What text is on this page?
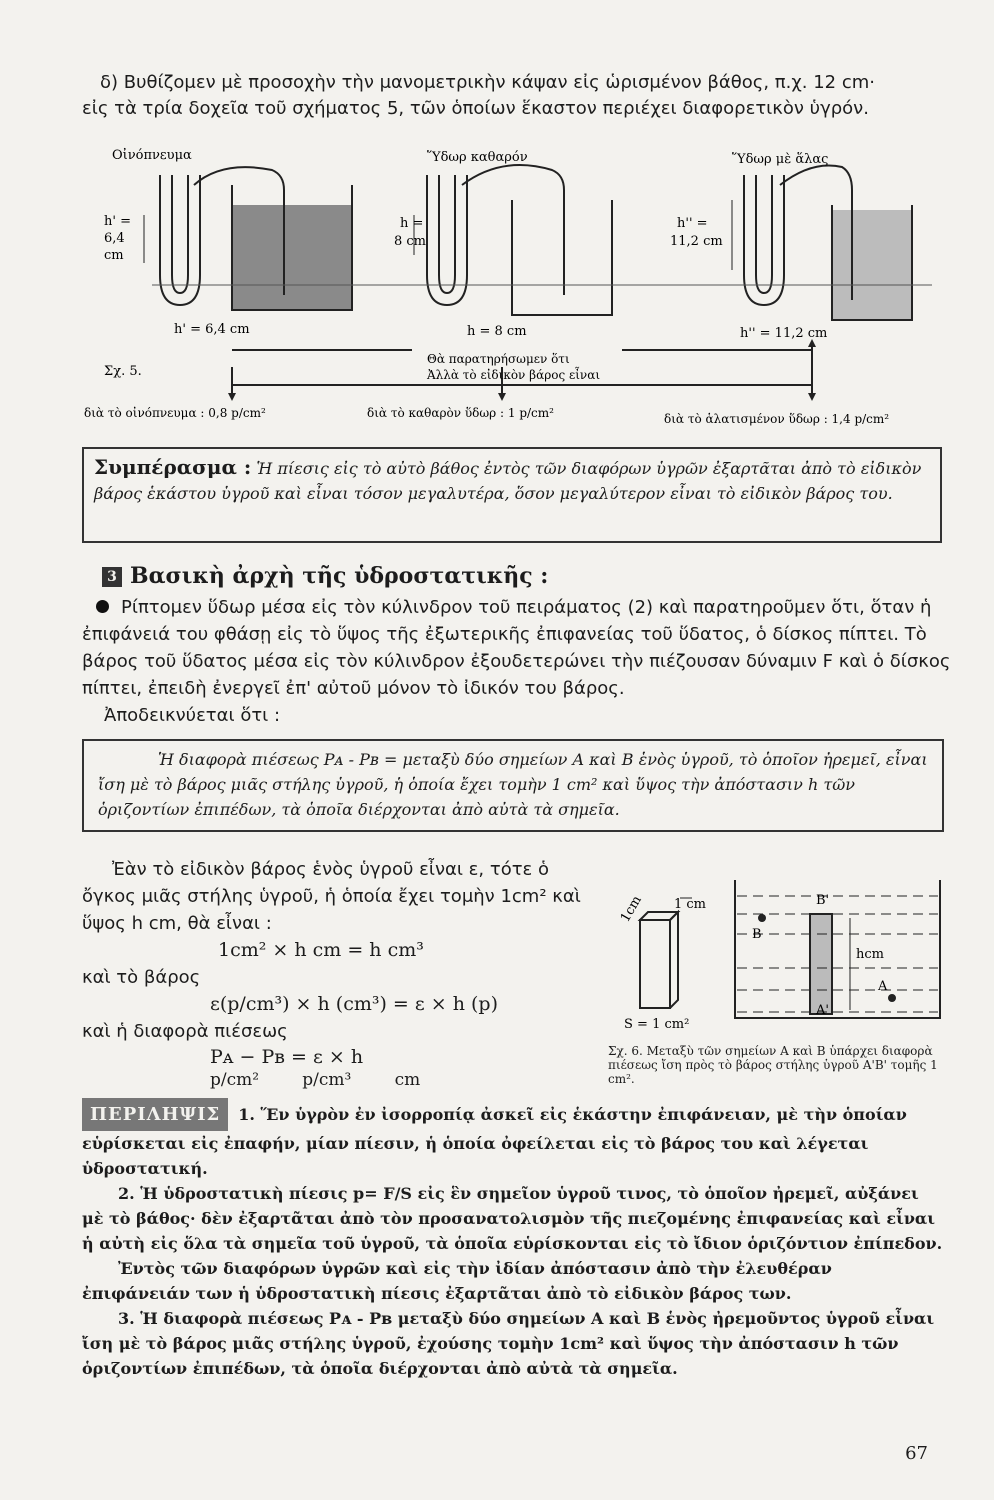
δ) Βυθίζομεν μὲ προσοχὴν τὴν μανομετρικὴν κάψαν εἰς ὡρισμένον βάθος, π.χ. 12 cm·

εἰς τὰ τρία δοχεῖα τοῦ σχήματος 5, τῶν ὁποίων ἕκαστον περιέχει διαφορετικὸν ὑγρόν.

Οἰνόπνευμα	Ὕδωρ καθαρόν	Ὕδωρ μὲ ἅλας
h' =
6,4
cm
h =
8 cm
h'' =
11,2 cm
h' = 6,4 cm	h = 8 cm	h'' = 11,2 cm
Σχ. 5.
Θὰ παρατηρήσωμεν ὅτι
Ἀλλὰ τὸ εἰδικὸν βάρος εἶναι
διὰ τὸ οἰνόπνευμα : 0,8 p/cm²	διὰ τὸ καθαρὸν ὕδωρ : 1 p/cm²	διὰ τὸ ἁλατισμένον ὕδωρ : 1,4 p/cm²
Συμπέρασμα : Ἡ πίεσις εἰς τὸ αὐτὸ βάθος ἐντὸς τῶν διαφόρων ὑγρῶν ἐξαρτᾶται ἀπὸ τὸ εἰδικὸν βάρος ἑκάστου ὑγροῦ καὶ εἶναι τόσον μεγαλυτέρα, ὅσον μεγαλύτερον εἶναι τὸ εἰδικὸν βάρος του.
3 Βασικὴ ἀρχὴ τῆς ὑδροστατικῆς :

Ρίπτομεν ὕδωρ μέσα εἰς τὸν κύλινδρον τοῦ πειράματος (2) καὶ παρατηροῦμεν ὅτι, ὅταν ἡ ἐπιφάνειά του φθάσῃ εἰς τὸ ὕψος τῆς ἐξωτερικῆς ἐπιφανείας τοῦ ὕδατος, ὁ δίσκος πίπτει. Τὸ βάρος τοῦ ὕδατος μέσα εἰς τὸν κύλινδρον ἐξουδετερώνει τὴν πιέζουσαν δύναμιν F καὶ ὁ δίσκος πίπτει, ἐπειδὴ ἐνεργεῖ ἐπ' αὐτοῦ μόνον τὸ ἰδικόν του βάρος.

Ἀποδεικνύεται ὅτι :

Ἡ διαφορὰ πιέσεως Pᴀ - Pʙ = μεταξὺ δύο σημείων A καὶ B ἑνὸς ὑγροῦ, τὸ ὁποῖον ἠρεμεῖ, εἶναι ἴση μὲ τὸ βάρος μιᾶς στήλης ὑγροῦ, ἡ ὁποία ἔχει τομὴν 1 cm² καὶ ὕψος τὴν ἀπόστασιν h τῶν ὁριζοντίων ἐπιπέδων, τὰ ὁποῖα διέρχονται ἀπὸ αὐτὰ τὰ σημεῖα.

Ἐὰν τὸ εἰδικὸν βάρος ἑνὸς ὑγροῦ εἶναι ε, τότε ὁ ὄγκος μιᾶς στήλης ὑγροῦ, ἡ ὁποία ἔχει τομὴν 1cm² καὶ ὕψος h cm, θὰ εἶναι :

1cm² × h cm = h cm³

καὶ τὸ βάρος

ε(p/cm³) × h (cm³) = ε × h (p)

καὶ ἡ διαφορὰ πιέσεως

Pᴀ − Pʙ = ε × h

p/cm²        p/cm³        cm

1cm 1 cm
S = 1 cm²
B'
B
hcm
A
A'

Σχ. 6. Μεταξὺ τῶν σημείων A καὶ B ὑπάρχει διαφορὰ πιέσεως ἴση πρὸς τὸ βάρος στήλης ὑγροῦ A'B' τομῆς 1 cm².

ΠΕΡΙΛΗΨΙΣ 1. Ἕν ὑγρὸν ἐν ἰσορροπίᾳ ἀσκεῖ εἰς ἑκάστην ἐπιφάνειαν, μὲ τὴν ὁποίαν εὑρίσκεται εἰς ἐπαφήν, μίαν πίεσιν, ἡ ὁποία ὀφείλεται εἰς τὸ βάρος του καὶ λέγεται ὑδροστατική.

2. Ἡ ὑδροστατικὴ πίεσις p= F/S εἰς ἓν σημεῖον ὑγροῦ τινος, τὸ ὁποῖον ἠρεμεῖ, αὐξάνει μὲ τὸ βάθος· δὲν ἐξαρτᾶται ἀπὸ τὸν προσανατολισμὸν τῆς πιεζομένης ἐπιφανείας καὶ εἶναι ἡ αὐτὴ εἰς ὅλα τὰ σημεῖα τοῦ ὑγροῦ, τὰ ὁποῖα εὑρίσκονται εἰς τὸ ἴδιον ὁριζόντιον ἐπίπεδον.

Ἐντὸς τῶν διαφόρων ὑγρῶν καὶ εἰς τὴν ἰδίαν ἀπόστασιν ἀπὸ τὴν ἐλευθέραν ἐπιφάνειάν των ἡ ὑδροστατικὴ πίεσις ἐξαρτᾶται ἀπὸ τὸ εἰδικὸν βάρος των.

3. Ἡ διαφορὰ πιέσεως Pᴀ - Pʙ μεταξὺ δύο σημείων A καὶ B ἑνὸς ἠρεμοῦντος ὑγροῦ εἶναι ἴση μὲ τὸ βάρος μιᾶς στήλης ὑγροῦ, ἐχούσης τομὴν 1cm² καὶ ὕψος τὴν ἀπόστασιν h τῶν ὁριζοντίων ἐπιπέδων, τὰ ὁποῖα διέρχονται ἀπὸ αὐτὰ τὰ σημεῖα.

67
